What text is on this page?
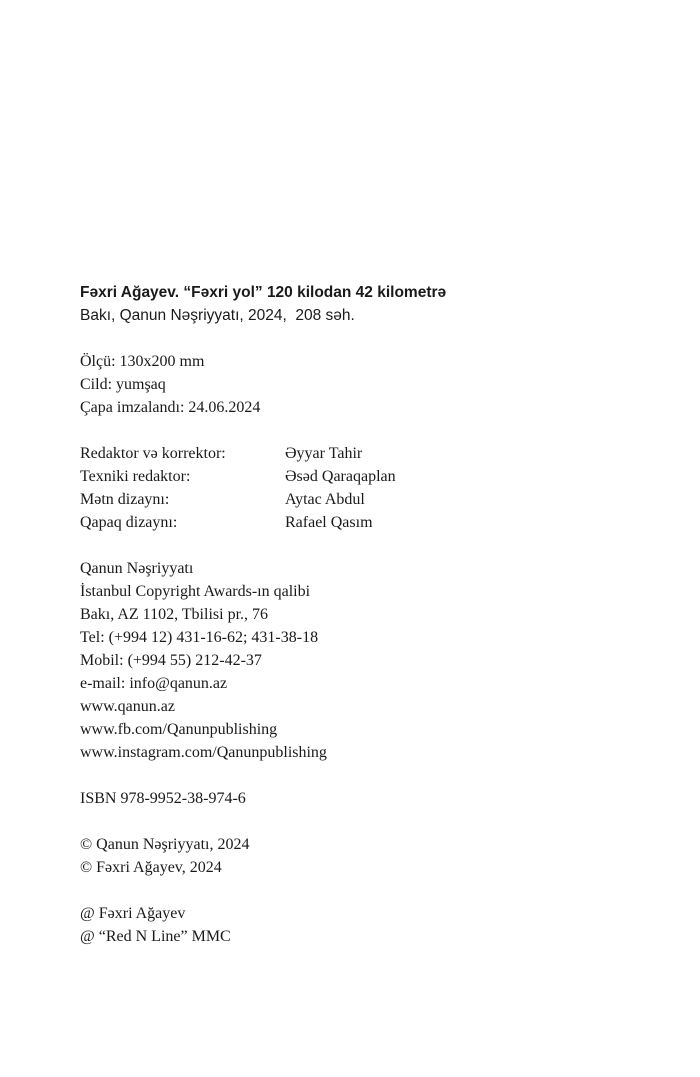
Fəxri Ağayev. “Fəxri yol” 120 kilodan 42 kilometrə
Bakı, Qanun Nəşriyyatı, 2024,  208 səh.
Ölçü: 130x200 mm
Cild: yumşaq
Çapa imzalandı: 24.06.2024
Redaktor və korrektor:	Əyyar Tahir
Texniki redaktor:	Əsəd Qaraqaplan
Mətn dizaynı:	Aytac Abdul
Qapaq dizaynı:	Rafael Qasım
Qanun Nəşriyyatı
İstanbul Copyright Awards-ın qalibi
Bakı, AZ 1102, Tbilisi pr., 76
Tel: (+994 12) 431-16-62; 431-38-18
Mobil: (+994 55) 212-42-37
e-mail: info@qanun.az
www.qanun.az
www.fb.com/Qanunpublishing
www.instagram.com/Qanunpublishing
ISBN 978-9952-38-974-6
© Qanun Nəşriyyatı, 2024
© Fəxri Ağayev, 2024
@ Fəxri Ağayev
@ “Red N Line” MMC
